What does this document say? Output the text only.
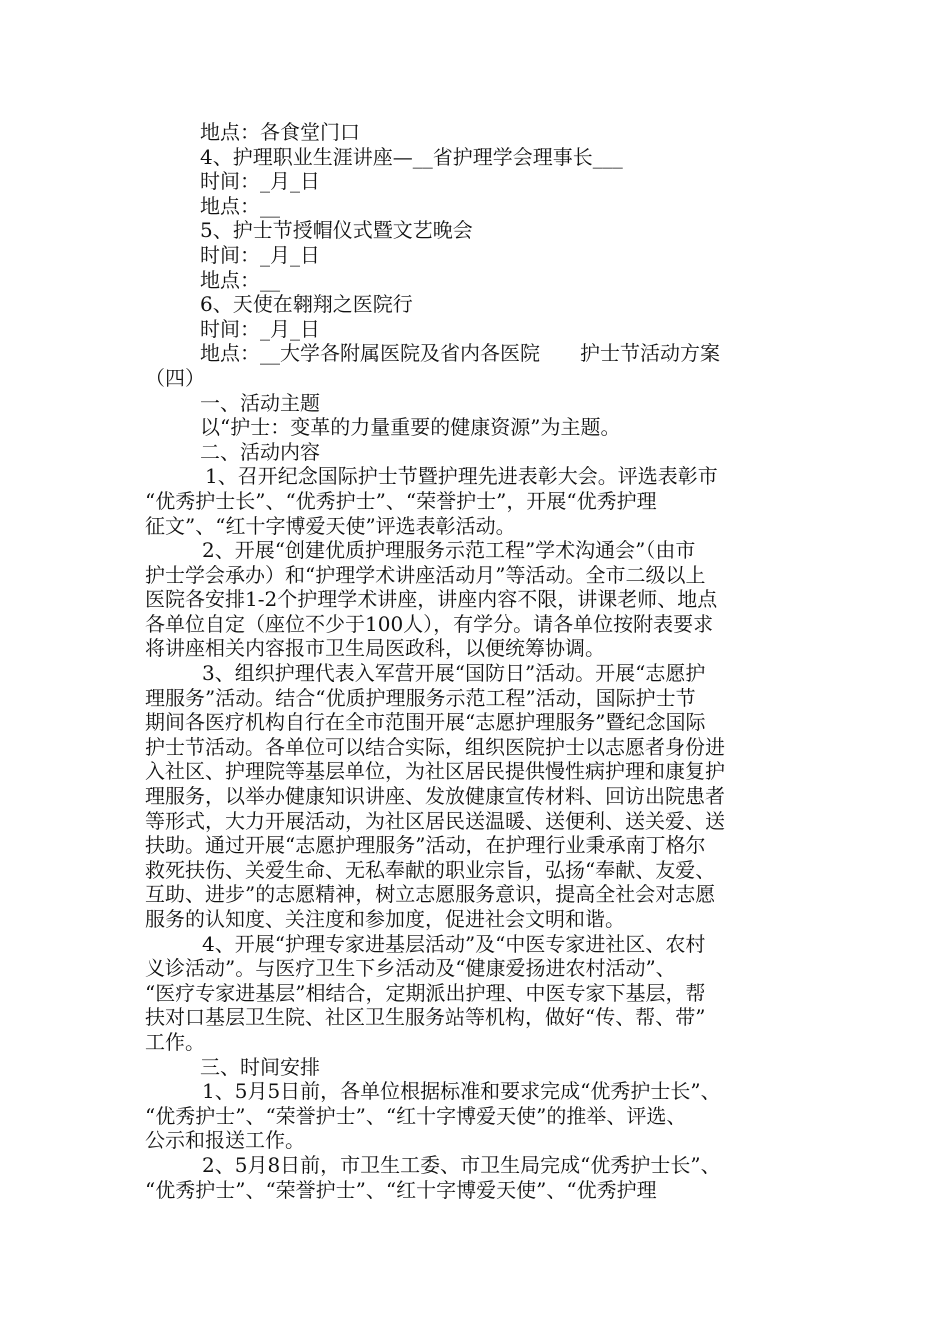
地点：各食堂门口
4、护理职业生涯讲座—__省护理学会理事长___
时间：_月_日
地点：__
5、护士节授帽仪式暨文艺晚会
时间：_月_日
地点：__
6、天使在翱翔之医院行
时间：_月_日
地点：__大学各附属医院及省内各医院 护士节活动方案
（四）
一、活动主题
以“护士：变革的力量重要的健康资源”为主题。
二、活动内容
1、召开纪念国际护士节暨护理先进表彰大会。评选表彰市
“优秀护士长”、“优秀护士”、“荣誉护士”，开展“优秀护理
征文”、“红十字博爱天使”评选表彰活动。
2、开展“创建优质护理服务示范工程”学术沟通会”（由市
护士学会承办）和“护理学术讲座活动月”等活动。全市二级以上
医院各安排1-2个护理学术讲座，讲座内容不限，讲课老师、地点
各单位自定（座位不少于100人），有学分。请各单位按附表要求
将讲座相关内容报市卫生局医政科，以便统筹协调。
3、组织护理代表入军营开展“国防日”活动。开展“志愿护
理服务”活动。结合“优质护理服务示范工程”活动，国际护士节
期间各医疗机构自行在全市范围开展“志愿护理服务”暨纪念国际
护士节活动。各单位可以结合实际，组织医院护士以志愿者身份进
入社区、护理院等基层单位，为社区居民提供慢性病护理和康复护
理服务，以举办健康知识讲座、发放健康宣传材料、回访出院患者
等形式，大力开展活动，为社区居民送温暖、送便利、送关爱、送
扶助。通过开展“志愿护理服务”活动，在护理行业秉承南丁格尔
救死扶伤、关爱生命、无私奉献的职业宗旨，弘扬“奉献、友爱、
互助、进步”的志愿精神，树立志愿服务意识，提高全社会对志愿
服务的认知度、关注度和参加度，促进社会文明和谐。
4、开展“护理专家进基层活动”及“中医专家进社区、农村
义诊活动”。与医疗卫生下乡活动及“健康爱扬进农村活动”、
“医疗专家进基层”相结合，定期派出护理、中医专家下基层，帮
扶对口基层卫生院、社区卫生服务站等机构，做好“传、帮、带”
工作。
三、时间安排
1、5月5日前，各单位根据标准和要求完成“优秀护士长”、
“优秀护士”、“荣誉护士”、“红十字博爱天使”的推举、评选、
公示和报送工作。
2、5月8日前，市卫生工委、市卫生局完成“优秀护士长”、
“优秀护士”、“荣誉护士”、“红十字博爱天使”、“优秀护理
